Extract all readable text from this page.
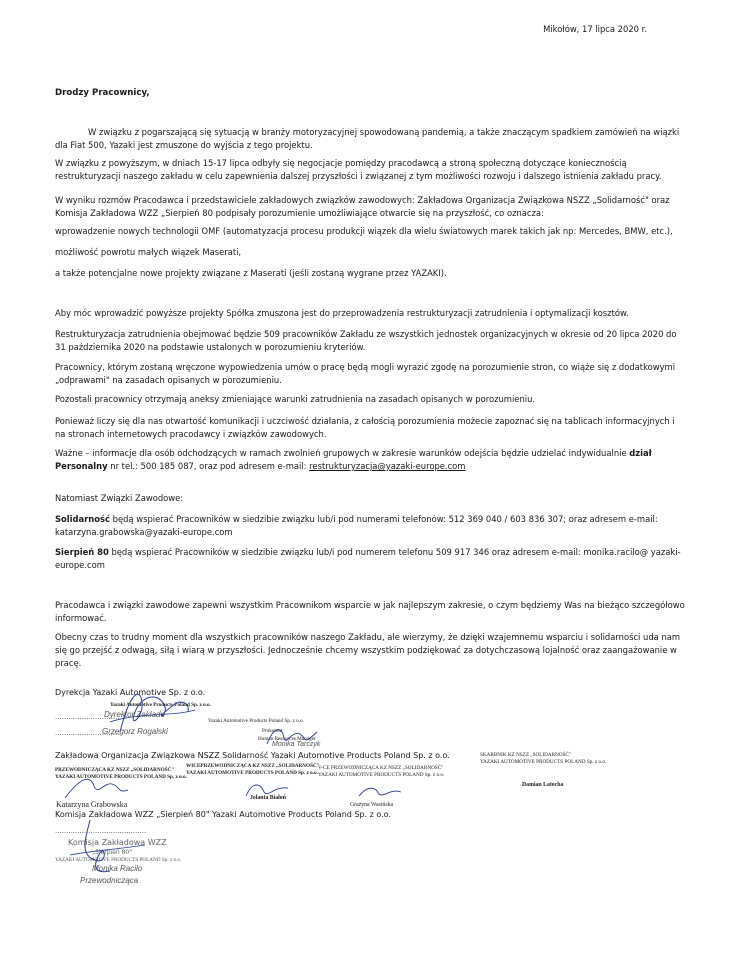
Mikołów, 17 lipca 2020 r.
Drodzy Pracownicy,

W związku z pogarszającą się sytuacją w branży motoryzacyjnej spowodowaną pandemią, a także znaczącym spadkiem zamówień na wiązki dla Fiat 500, Yazaki jest zmuszone do wyjścia z tego projektu.

W związku z powyższym, w dniach 15-17 lipca odbyły się negocjacje pomiędzy pracodawcą a stroną społeczną dotyczące koniecznością restrukturyzacji naszego zakładu w celu zapewnienia dalszej przyszłości i związanej z tym możliwości rozwoju i dalszego istnienia zakładu pracy.

W wyniku rozmów Pracodawca i przedstawiciele zakładowych związków zawodowych: Zakładowa Organizacja Związkowa NSZZ „Solidarność" oraz Komisja Zakładowa WZZ „Sierpień 80 podpisały porozumienie umożliwiające otwarcie się na przyszłość, co oznacza:

wprowadzenie nowych technologii OMF (automatyzacja procesu produkcji wiązek dla wielu światowych marek takich jak np: Mercedes, BMW, etc.),

możliwość powrotu małych wiązek Maserati,

a także potencjalne nowe projekty związane z Maserati (jeśli zostaną wygrane przez YAZAKI).

Aby móc wprowadzić powyższe projekty Spółka zmuszona jest do przeprowadzenia restrukturyzacji zatrudnienia i optymalizacji kosztów.

Restrukturyzacja zatrudnienia obejmować będzie 509 pracowników Zakładu ze wszystkich jednostek organizacyjnych w okresie od 20 lipca 2020 do 31 października 2020 na podstawie ustalonych w porozumieniu kryteriów.

Pracownicy, którym zostaną wręczone wypowiedzenia umów o pracę będą mogli wyrazić zgodę na porozumienie stron, co wiąże się z dodatkowymi „odprawami" na zasadach opisanych w porozumieniu.

Pozostali pracownicy otrzymają aneksy zmieniające warunki zatrudnienia na zasadach opisanych w porozumieniu.

Ponieważ liczy się dla nas otwartość komunikacji i uczciwość działania, z całością porozumienia możecie zapoznać się na tablicach informacyjnych i na stronach internetowych pracodawcy i związków zawodowych.

Ważne – informacje dla osób odchodzących w ramach zwolnień grupowych w zakresie warunków odejścia będzie udzielać indywidualnie dział Personalny nr tel.: 500 185 087, oraz pod adresem e-mail: restrukturyzacja@yazaki-europe.com

Natomiast Związki Zawodowe:

Solidarność będą wspierać Pracowników w siedzibie związku lub/i pod numerami telefonów: 512 369 040 / 603 836 307; oraz adresem e-mail: katarzyna.grabowska@yazaki-europe.com

Sierpień 80 będą wspierać Pracowników w siedzibie związku lub/i pod numerem telefonu 509 917 346 oraz adresem e-mail: monika.racilo@ yazaki-europe.com

Pracodawca i związki zawodowe zapewni wszystkim Pracownikom wsparcie w jak najlepszym zakresie, o czym będziemy Was na bieżąco szczegółowo informować.

Obecny czas to trudny moment dla wszystkich pracowników naszego Zakładu, ale wierzymy, że dzięki wzajemnemu wsparciu i solidarności uda nam się go przejść z odwagą, siłą i wiarą w przyszłości. Jednocześnie chcemy wszystkim podziękować za dotychczasową lojalność oraz zaangażowanie w pracę.

Dyrekcja Yazaki Automotive Sp. z o.o.
Yazaki Automotive Products Poland Sp. z o.o.
.............................
Dyrektor Zakładu
.............................
Grzegorz Rogalski
Yazaki Automotive Products Poland Sp. z o.o.
Prokurent
Human Resources Manager
Monika Tarczyk
Zakładowa Organizacja Związkowa NSZZ Solidarność Yazaki Automotive Products Poland Sp. z o.o.
PRZEWODNICZĄCA KZ NSZZ „SOLIDARNOŚĆ"
YAZAKI AUTOMOTIVE PRODUCTS POLAND Sp. z o.o.
Katarzyna Grabowska
WICEPRZEWODNICZĄCA KZ NSZZ „SOLIDARNOŚĆ"
YAZAKI AUTOMOTIVE PRODUCTS POLAND Sp. z o.o.
Jolanta Białoń
V-CE PRZEWODNICZĄCA KZ NSZZ „SOLIDARNOŚĆ"
YAZAKI AUTOMOTIVE PRODUCTS POLAND Sp. z o.o.
Grażyna Wasińska
SKARBNIK KZ NSZZ „SOLIDARNOŚĆ"
YAZAKI AUTOMOTIVE PRODUCTS POLAND Sp. z o.o.
Damian Latocha
Komisja Zakładowa WZZ „Sierpień 80" Yazaki Automotive Products Poland Sp. z o.o.
.........................................
Komisja Zakładowa WZZ
„Sierpień 80"
YAZAKI AUTOMOTIVE PRODUCTS POLAND Sp. z o.o.
Monika Racilo
Przewodnicząca
